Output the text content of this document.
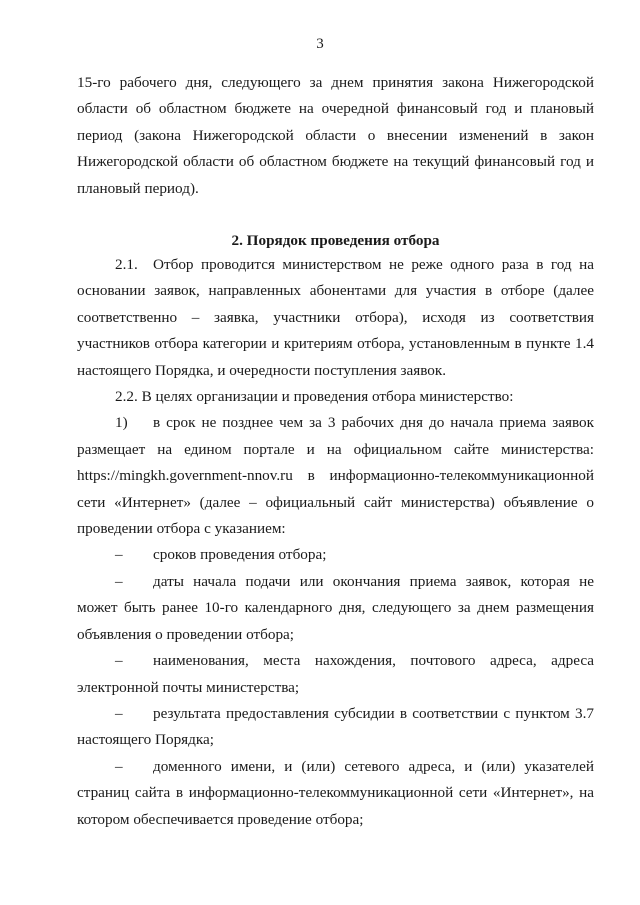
3

15-го рабочего дня, следующего за днем принятия закона Нижегородской области об областном бюджете на очередной финансовый год и плановый период (закона Нижегородской области о внесении изменений в закон Нижегородской области об областном бюджете на текущий финансовый год и плановый период).

2. Порядок проведения отбора

2.1. Отбор проводится министерством не реже одного раза в год на основании заявок, направленных абонентами для участия в отборе (далее соответственно – заявка, участники отбора), исходя из соответствия участников отбора категории и критериям отбора, установленным в пункте 1.4 настоящего Порядка, и очередности поступления заявок.

2.2. В целях организации и проведения отбора министерство:

1) в срок не позднее чем за 3 рабочих дня до начала приема заявок размещает на едином портале и на официальном сайте министерства: https://mingkh.government-nnov.ru в информационно-телекоммуникационной сети «Интернет» (далее – официальный сайт министерства) объявление о проведении отбора с указанием:

– сроков проведения отбора;

– даты начала подачи или окончания приема заявок, которая не может быть ранее 10-го календарного дня, следующего за днем размещения объявления о проведении отбора;

– наименования, места нахождения, почтового адреса, адреса электронной почты министерства;

– результата предоставления субсидии в соответствии с пунктом 3.7 настоящего Порядка;

– доменного имени, и (или) сетевого адреса, и (или) указателей страниц сайта в информационно-телекоммуникационной сети «Интернет», на котором обеспечивается проведение отбора;
